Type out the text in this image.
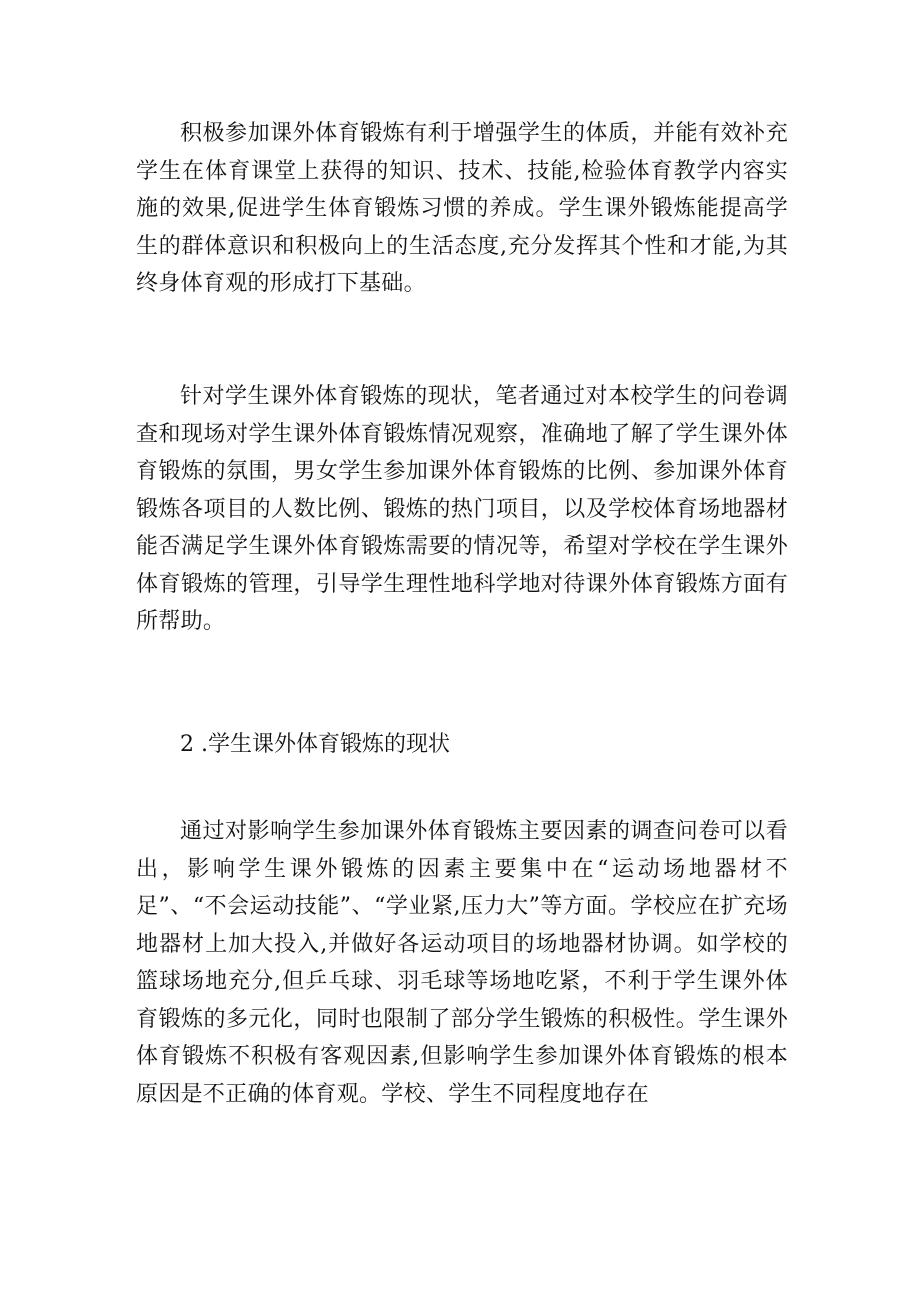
积极参加课外体育锻炼有利于增强学生的体质，并能有效补充学生在体育课堂上获得的知识、技术、技能,检验体育教学内容实施的效果,促进学生体育锻炼习惯的养成。学生课外锻炼能提高学生的群体意识和积极向上的生活态度,充分发挥其个性和才能,为其终身体育观的形成打下基础。

针对学生课外体育锻炼的现状，笔者通过对本校学生的问卷调查和现场对学生课外体育锻炼情况观察，准确地了解了学生课外体育锻炼的氛围，男女学生参加课外体育锻炼的比例、参加课外体育锻炼各项目的人数比例、锻炼的热门项目，以及学校体育场地器材能否满足学生课外体育锻炼需要的情况等，希望对学校在学生课外体育锻炼的管理，引导学生理性地科学地对待课外体育锻炼方面有所帮助。

2 .学生课外体育锻炼的现状

通过对影响学生参加课外体育锻炼主要因素的调查问卷可以看出，影响学生课外锻炼的因素主要集中在“运动场地器材不足”、“不会运动技能”、“学业紧,压力大”等方面。学校应在扩充场地器材上加大投入,并做好各运动项目的场地器材协调。如学校的篮球场地充分,但乒乓球、羽毛球等场地吃紧，不利于学生课外体育锻炼的多元化，同时也限制了部分学生锻炼的积极性。学生课外体育锻炼不积极有客观因素,但影响学生参加课外体育锻炼的根本原因是不正确的体育观。学校、学生不同程度地存在
